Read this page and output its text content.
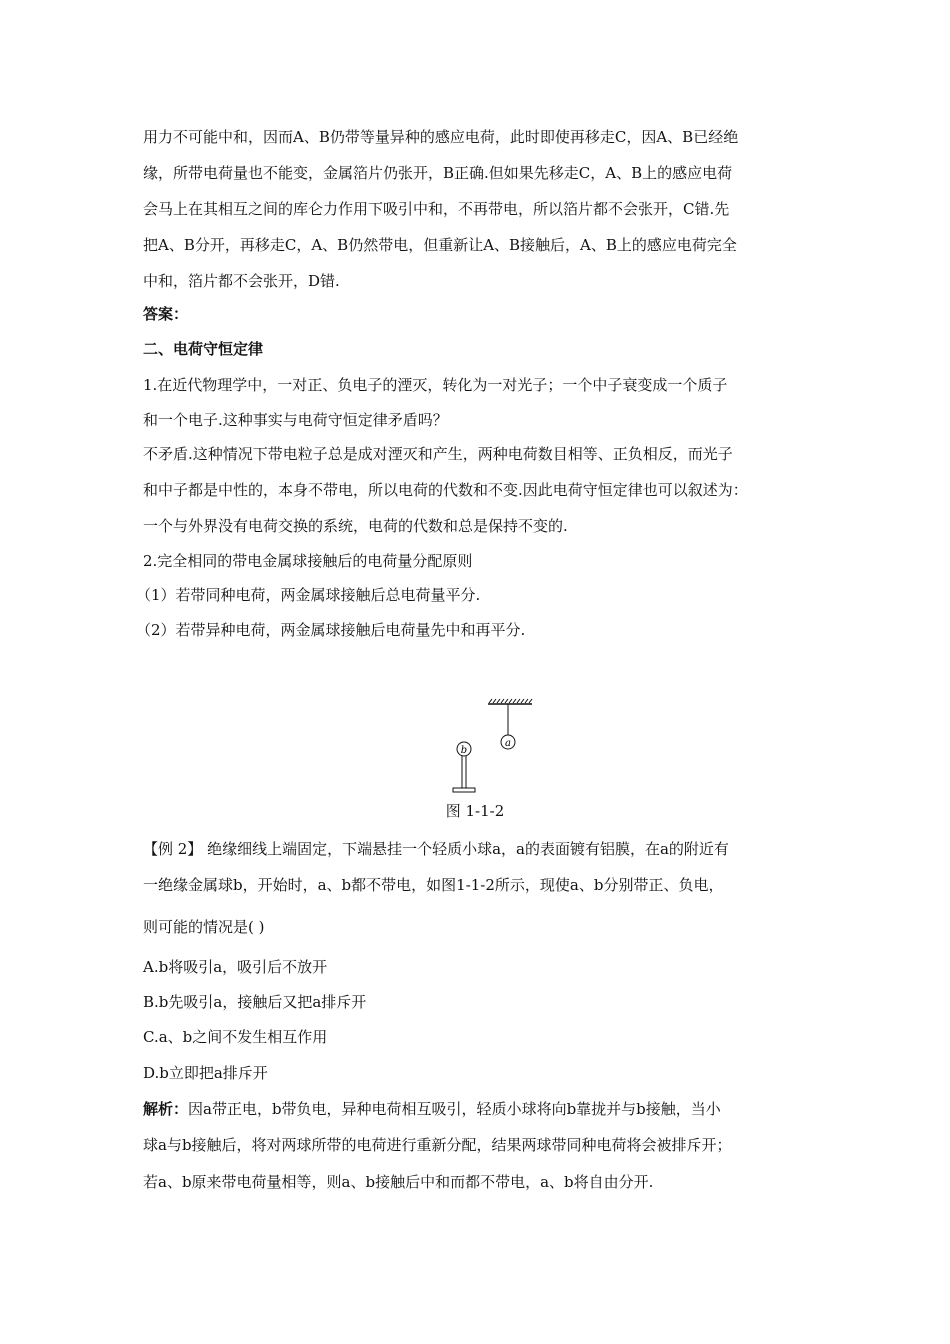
用力不可能中和，因而A、B仍带等量异种的感应电荷，此时即使再移走C，因A、B已经绝
缘，所带电荷量也不能变，金属箔片仍张开，B正确.但如果先移走C，A、B上的感应电荷
会马上在其相互之间的库仑力作用下吸引中和，不再带电，所以箔片都不会张开，C错.先
把A、B分开，再移走C，A、B仍然带电，但重新让A、B接触后，A、B上的感应电荷完全
中和，箔片都不会张开，D错.
答案：
二、电荷守恒定律
1.在近代物理学中，一对正、负电子的湮灭，转化为一对光子；一个中子衰变成一个质子
和一个电子.这种事实与电荷守恒定律矛盾吗？
不矛盾.这种情况下带电粒子总是成对湮灭和产生，两种电荷数目相等、正负相反，而光子
和中子都是中性的，本身不带电，所以电荷的代数和不变.因此电荷守恒定律也可以叙述为：
一个与外界没有电荷交换的系统，电荷的代数和总是保持不变的.
2.完全相同的带电金属球接触后的电荷量分配原则
（1）若带同种电荷，两金属球接触后总电荷量平分.
（2）若带异种电荷，两金属球接触后电荷量先中和再平分.
a
b
图 1-1-2
【例 2】 绝缘细线上端固定，下端悬挂一个轻质小球a，a的表面镀有铝膜，在a的附近有
一绝缘金属球b，开始时，a、b都不带电，如图1-1-2所示，现使a、b分别带正、负电，
则可能的情况是( )
A.b将吸引a，吸引后不放开
B.b先吸引a，接触后又把a排斥开
C.a、b之间不发生相互作用
D.b立即把a排斥开
解析：因a带正电，b带负电，异种电荷相互吸引，轻质小球将向b靠拢并与b接触，当小
球a与b接触后，将对两球所带的电荷进行重新分配，结果两球带同种电荷将会被排斥开；
若a、b原来带电荷量相等，则a、b接触后中和而都不带电，a、b将自由分开.
